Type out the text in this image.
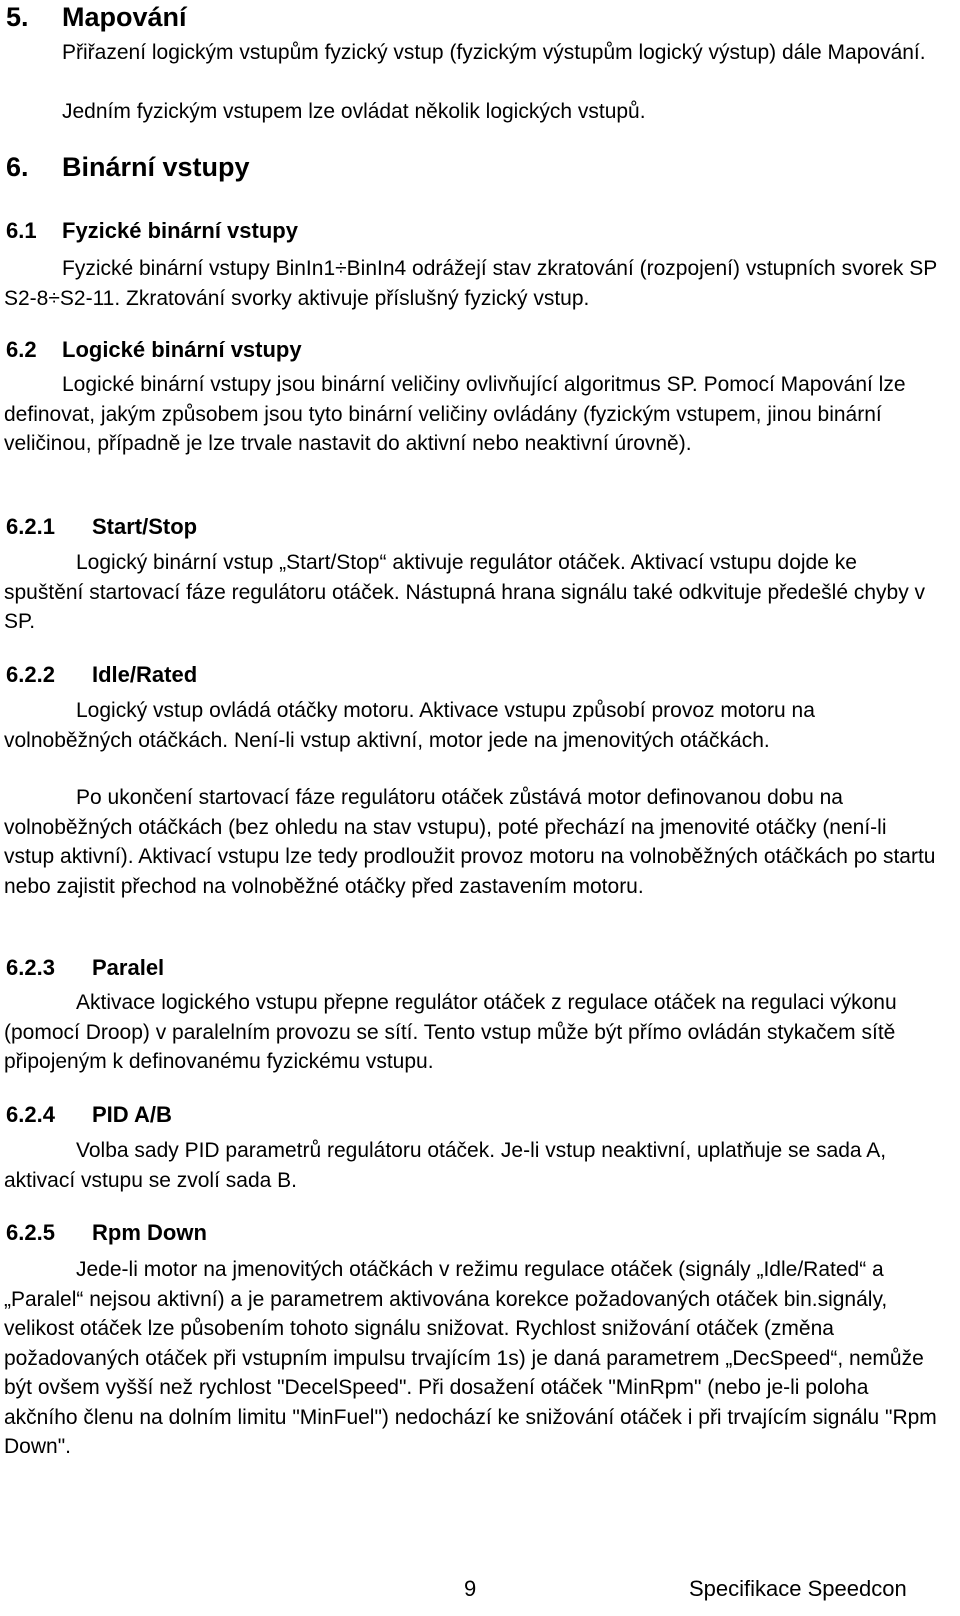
5. Mapování

Přiřazení logickým vstupům fyzický vstup (fyzickým výstupům logický výstup) dále Mapování.

Jedním fyzickým vstupem lze ovládat několik logických vstupů.

6. Binární vstupy
6.1 Fyzické binární vstupy

Fyzické binární vstupy BinIn1÷BinIn4 odrážejí stav zkratování (rozpojení) vstupních svorek SP S2-8÷S2-11. Zkratování svorky aktivuje příslušný fyzický vstup.

6.2 Logické binární vstupy

Logické binární vstupy jsou binární veličiny ovlivňující algoritmus SP. Pomocí Mapování lze definovat, jakým způsobem jsou tyto binární veličiny ovládány (fyzickým vstupem, jinou binární veličinou, případně je lze trvale nastavit do aktivní nebo neaktivní úrovně).

6.2.1 Start/Stop

Logický binární vstup „Start/Stop“ aktivuje regulátor otáček. Aktivací vstupu dojde ke spuštění startovací fáze regulátoru otáček. Nástupná hrana signálu také odkvituje předešlé chyby v SP.

6.2.2 Idle/Rated

Logický vstup ovládá otáčky motoru. Aktivace vstupu způsobí provoz motoru na volnoběžných otáčkách. Není-li vstup aktivní, motor jede na jmenovitých otáčkách.

Po ukončení startovací fáze regulátoru otáček zůstává motor definovanou dobu na volnoběžných otáčkách (bez ohledu na stav vstupu), poté přechází na jmenovité otáčky (není-li vstup aktivní). Aktivací vstupu lze tedy prodloužit provoz motoru na volnoběžných otáčkách po startu nebo zajistit přechod na volnoběžné otáčky před zastavením motoru.

6.2.3 Paralel

Aktivace logického vstupu přepne regulátor otáček z regulace otáček na regulaci výkonu (pomocí Droop) v paralelním provozu se sítí. Tento vstup může být přímo ovládán stykačem sítě připojeným k definovanému fyzickému vstupu.

6.2.4 PID A/B

Volba sady PID parametrů regulátoru otáček. Je-li vstup neaktivní, uplatňuje se sada A, aktivací vstupu se zvolí sada B.

6.2.5 Rpm Down

Jede-li motor na jmenovitých otáčkách v režimu regulace otáček (signály „Idle/Rated“ a „Paralel“ nejsou aktivní) a je parametrem aktivována korekce požadovaných otáček bin.signály, velikost otáček lze působením tohoto signálu snižovat. Rychlost snižování otáček (změna požadovaných otáček při vstupním impulsu trvajícím 1s) je daná parametrem „DecSpeed“, nemůže být ovšem vyšší než rychlost "DecelSpeed". Při dosažení otáček "MinRpm" (nebo je-li poloha akčního členu na dolním limitu "MinFuel") nedochází ke snižování otáček i při trvajícím signálu "Rpm Down".

9	Specifikace Speedcon
